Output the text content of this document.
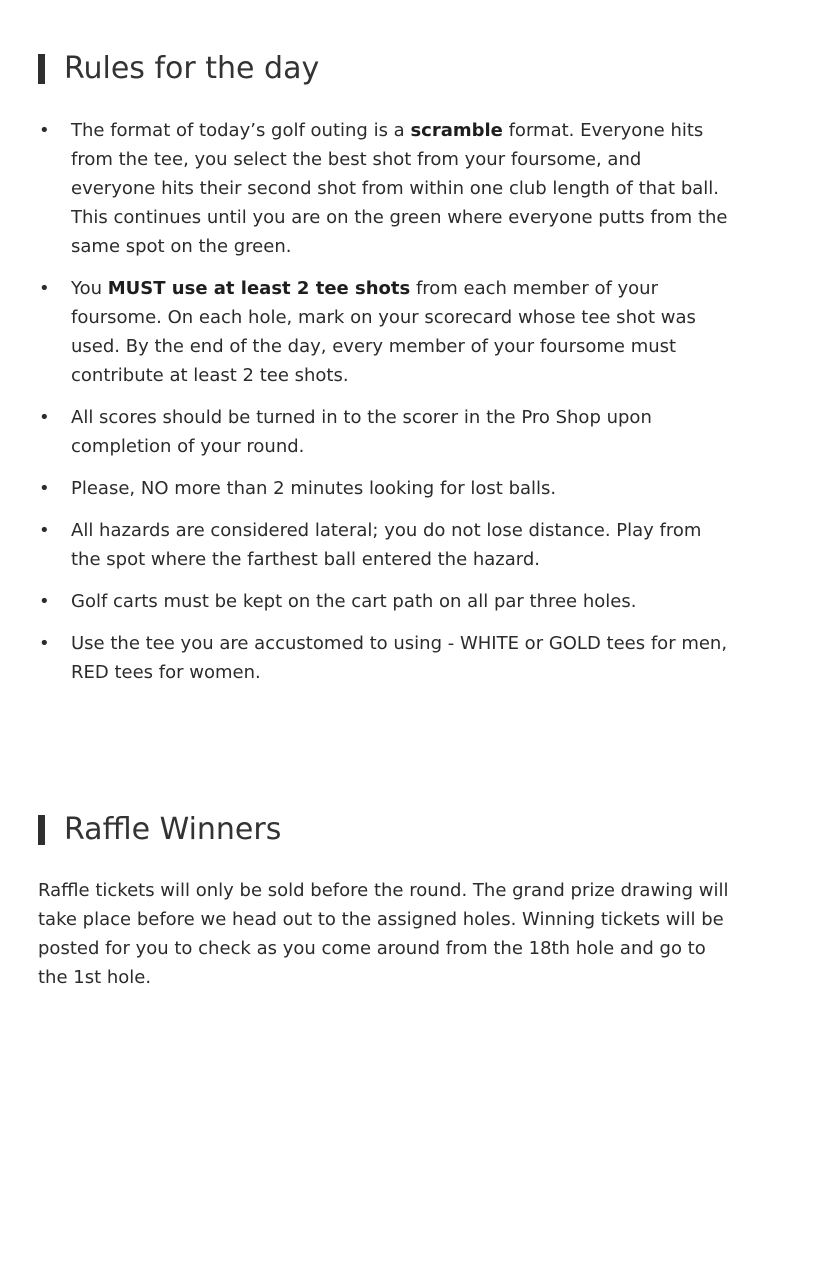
Rules for the day
• The format of today’s golf outing is a scramble format. Everyone hits from the tee, you select the best shot from your foursome, and everyone hits their second shot from within one club length of that ball. This continues until you are on the green where everyone putts from the same spot on the green.
• You MUST use at least 2 tee shots from each member of your foursome. On each hole, mark on your scorecard whose tee shot was used. By the end of the day, every member of your foursome must contribute at least 2 tee shots.
• All scores should be turned in to the scorer in the Pro Shop upon completion of your round.
• Please, NO more than 2 minutes looking for lost balls.
• All hazards are considered lateral; you do not lose distance. Play from the spot where the farthest ball entered the hazard.
• Golf carts must be kept on the cart path on all par three holes.
• Use the tee you are accustomed to using - WHITE or GOLD tees for men, RED tees for women.
Raffle Winners

Raffle tickets will only be sold before the round. The grand prize drawing will take place before we head out to the assigned holes. Winning tickets will be posted for you to check as you come around from the 18th hole and go to the 1st hole.
